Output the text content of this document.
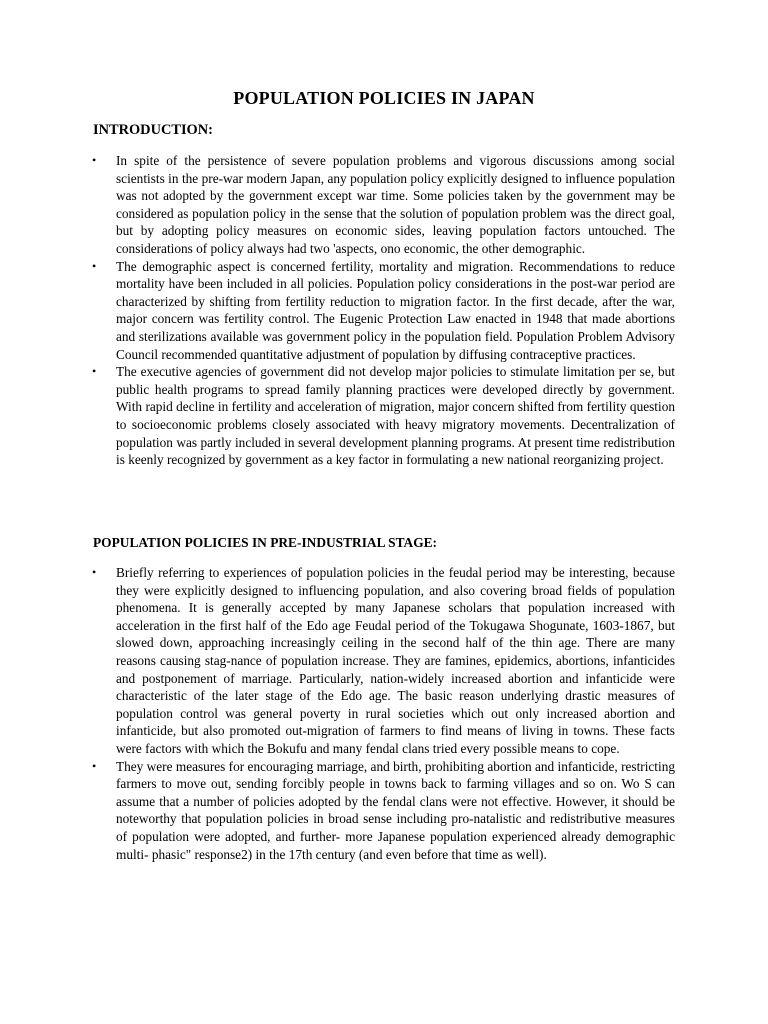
POPULATION POLICIES IN JAPAN
INTRODUCTION:
• In spite of the persistence of severe population problems and vigorous discussions among social scientists in the pre-war modern Japan, any population policy explicitly designed to influence population was not adopted by the government except war time. Some policies taken by the government may be considered as population policy in the sense that the solution of population problem was the direct goal, but by adopting policy measures on economic sides, leaving population factors untouched. The considerations of policy always had two 'aspects, ono economic, the other demographic.
• The demographic aspect is concerned fertility, mortality and migration. Recommendations to reduce mortality have been included in all policies. Population policy considerations in the post-war period are characterized by shifting from fertility reduction to migration factor. In the first decade, after the war, major concern was fertility control. The Eugenic Protection Law enacted in 1948 that made abortions and sterilizations available was government policy in the population field. Population Problem Advisory Council recommended quantitative adjustment of population by diffusing contraceptive practices.
• The executive agencies of government did not develop major policies to stimulate limitation per se, but public health programs to spread family planning practices were developed directly by government. With rapid decline in fertility and acceleration of migration, major concern shifted from fertility question to socioeconomic problems closely associated with heavy migratory movements. Decentralization of population was partly included in several development planning programs. At present time redistribution is keenly recognized by government as a key factor in formulating a new national reorganizing project.
POPULATION POLICIES IN PRE-INDUSTRIAL STAGE:
• Briefly referring to experiences of population policies in the feudal period may be interesting, because they were explicitly designed to influencing population, and also covering broad fields of population phenomena. It is generally accepted by many Japanese scholars that population increased with acceleration in the first half of the Edo age Feudal period of the Tokugawa Shogunate, 1603-1867, but slowed down, approaching increasingly ceiling in the second half of the thin age. There are many reasons causing stag-nance of population increase. They are famines, epidemics, abortions, infanticides and postponement of marriage. Particularly, nation-widely increased abortion and infanticide were characteristic of the later stage of the Edo age. The basic reason underlying drastic measures of population control was general poverty in rural societies which out only increased abortion and infanticide, but also promoted out-migration of farmers to find means of living in towns. These facts were factors with which the Bokufu and many fendal clans tried every possible means to cope.
• They were measures for encouraging marriage, and birth, prohibiting abortion and infanticide, restricting farmers to move out, sending forcibly people in towns back to farming villages and so on. Wo S can assume that a number of policies adopted by the fendal clans were not effective. However, it should be noteworthy that population policies in broad sense including pro-natalistic and redistributive measures of population were adopted, and further- more Japanese population experienced already demographic multi- phasic" response2) in the 17th century (and even before that time as well).
